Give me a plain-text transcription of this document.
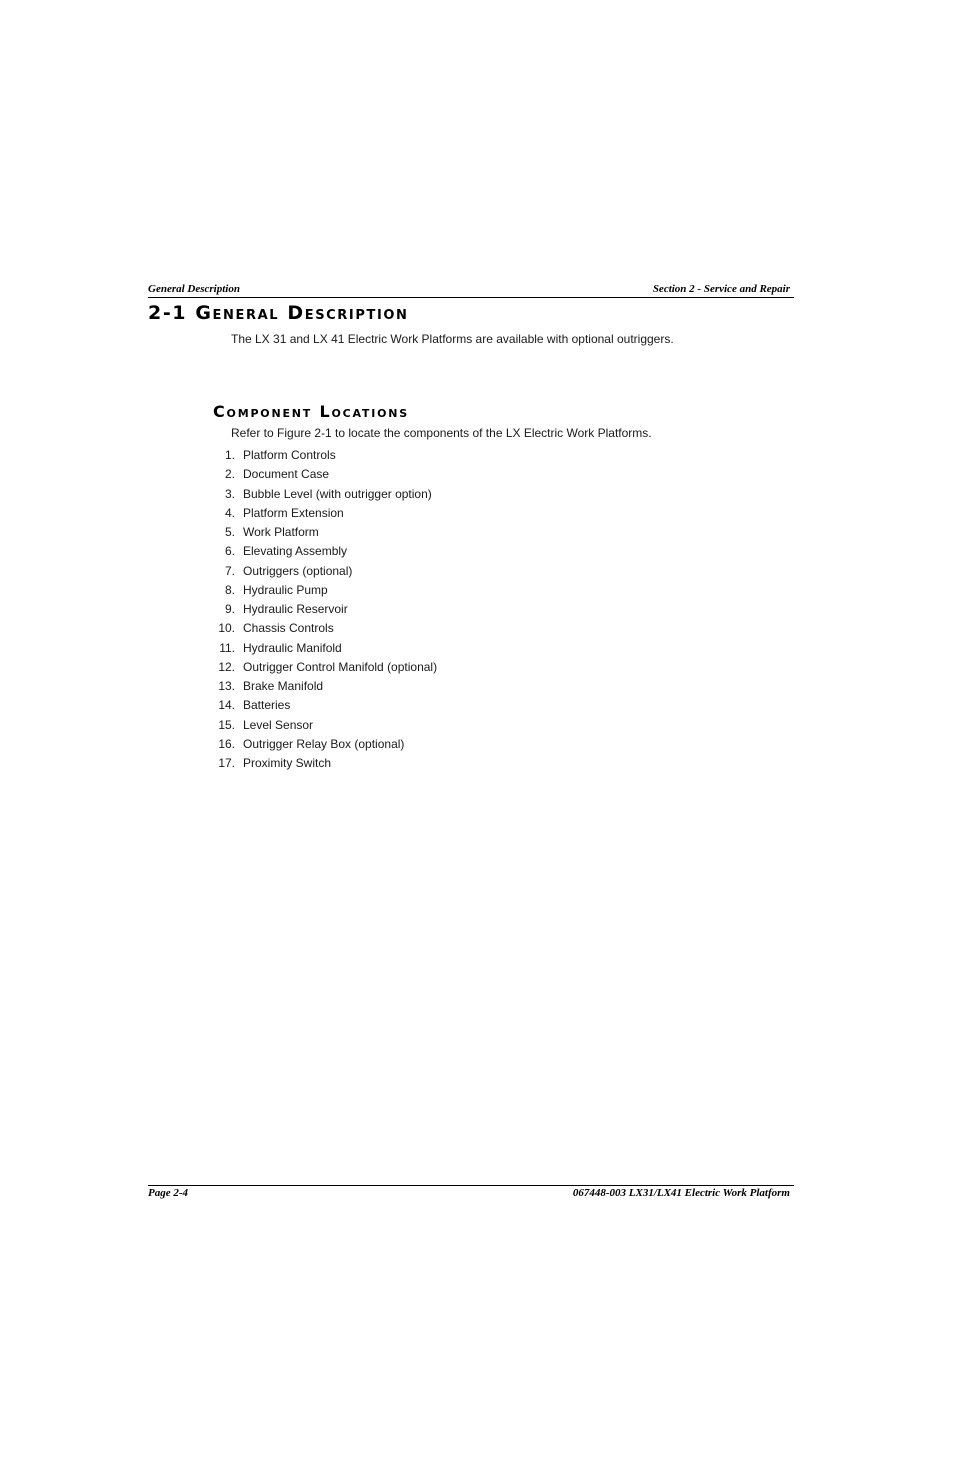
General Description	Section 2 - Service and Repair
2-1 General Description

The LX 31 and LX 41 Electric Work Platforms are available with optional outriggers.

Component Locations

Refer to Figure 2-1 to locate the components of the LX Electric Work Platforms.

1. Platform Controls
2. Document Case
3. Bubble Level (with outrigger option)
4. Platform Extension
5. Work Platform
6. Elevating Assembly
7. Outriggers (optional)
8. Hydraulic Pump
9. Hydraulic Reservoir
10. Chassis Controls
11. Hydraulic Manifold
12. Outrigger Control Manifold (optional)
13. Brake Manifold
14. Batteries
15. Level Sensor
16. Outrigger Relay Box (optional)
17. Proximity Switch
Page 2-4	067448-003 LX31/LX41 Electric Work Platform
